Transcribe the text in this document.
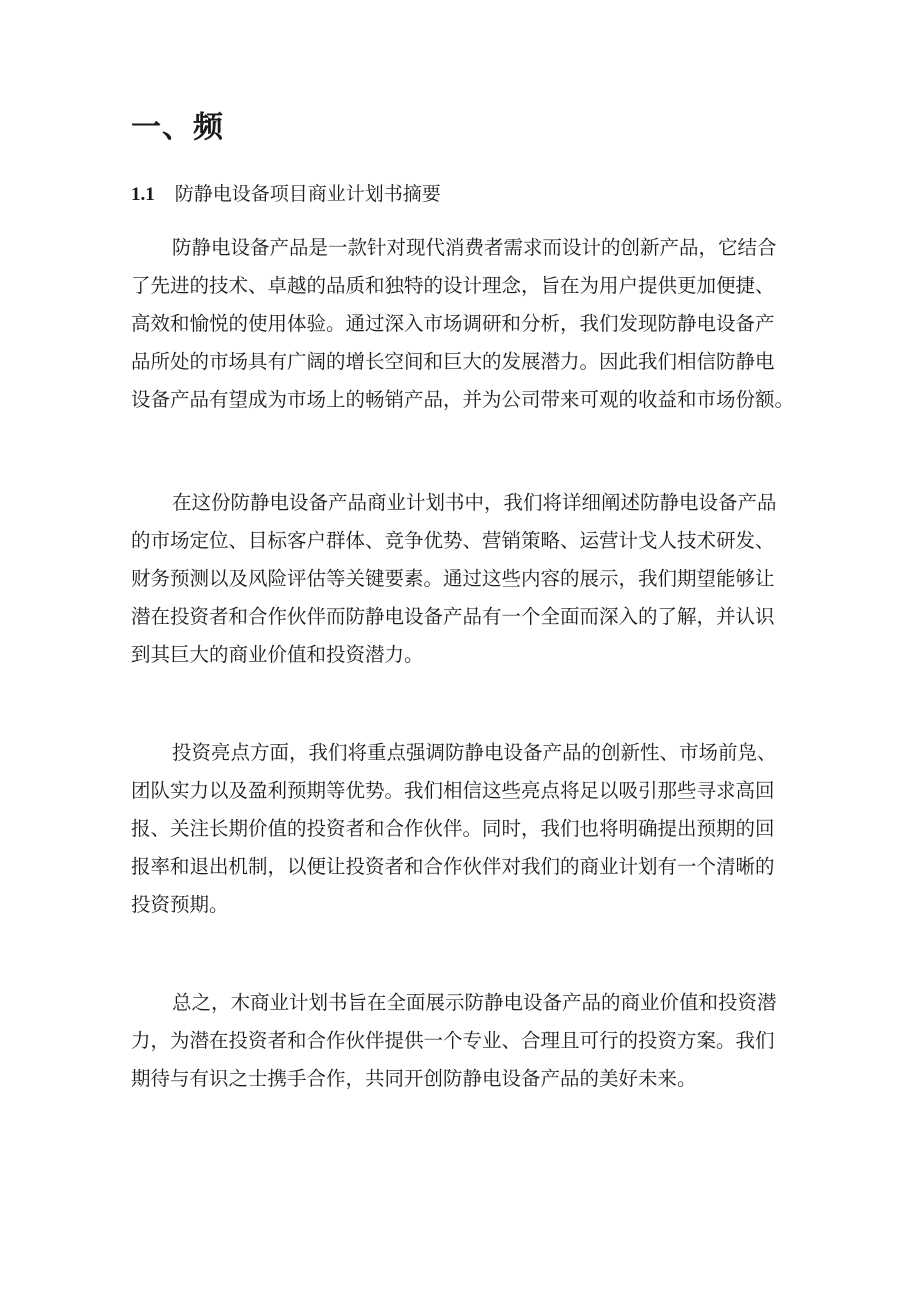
一、频
1.1 防静电设备项目商业计划书摘要
防静电设备产品是一款针对现代消费者需求而设计的创新产品，它结合
了先进的技术、卓越的品质和独特的设计理念，旨在为用户提供更加便捷、
高效和愉悦的使用体验。通过深入市场调研和分析，我们发现防静电设备产
品所处的市场具有广阔的增长空间和巨大的发展潜力。因此我们相信防静电
设备产品有望成为市场上的畅销产品，并为公司带来可观的收益和市场份额。
在这份防静电设备产品商业计划书中，我们将详细阐述防静电设备产品
的市场定位、目标客户群体、竞争优势、营销策略、运营计戈人技术研发、
财务预测以及风险评估等关键要素。通过这些内容的展示，我们期望能够让
潜在投资者和合作伙伴而防静电设备产品有一个全面而深入的了解，并认识
到其巨大的商业价值和投资潜力。
投资亮点方面，我们将重点强调防静电设备产品的创新性、市场前凫、
团队实力以及盈利预期等优势。我们相信这些亮点将足以吸引那些寻求高回
报、关注长期价值的投资者和合作伙伴。同时，我们也将明确提出预期的回
报率和退出机制，以便让投资者和合作伙伴对我们的商业计划有一个清晰的
投资预期。
总之，木商业计划书旨在全面展示防静电设备产品的商业价值和投资潜
力，为潜在投资者和合作伙伴提供一个专业、合理且可行的投资方案。我们
期待与有识之士携手合作，共同开创防静电设备产品的美好未来。
